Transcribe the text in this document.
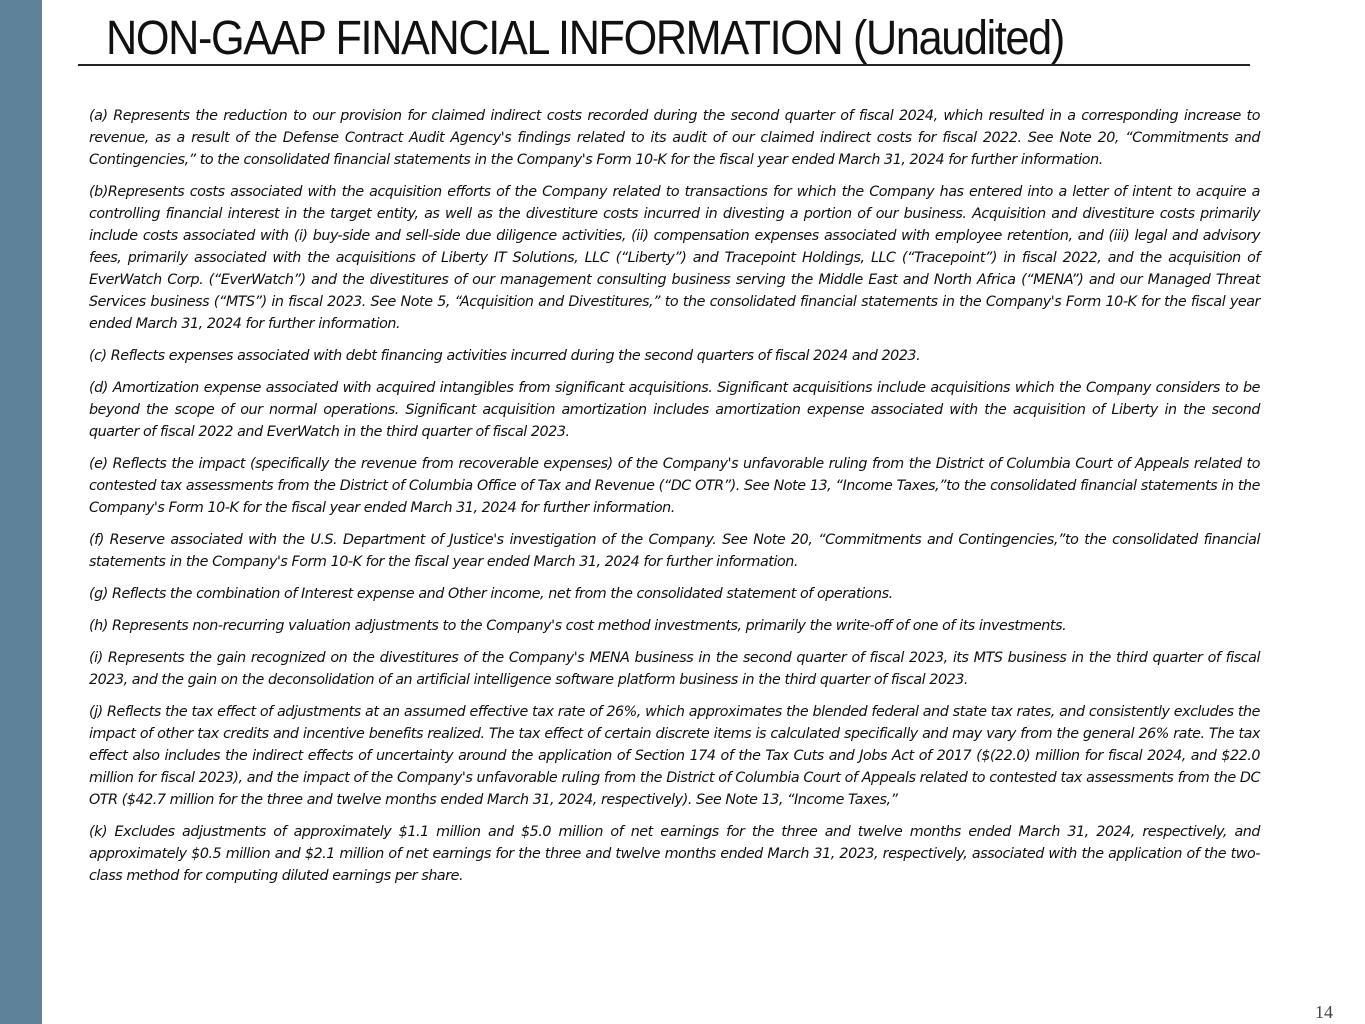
NON-GAAP FINANCIAL INFORMATION (Unaudited)

(a) Represents the reduction to our provision for claimed indirect costs recorded during the second quarter of fiscal 2024, which resulted in a corresponding increase to revenue, as a result of the Defense Contract Audit Agency's findings related to its audit of our claimed indirect costs for fiscal 2022. See Note 20, “Commitments and Contingencies,” to the consolidated financial statements in the Company's Form 10-K for the fiscal year ended March 31, 2024 for further information.

(b)Represents costs associated with the acquisition efforts of the Company related to transactions for which the Company has entered into a letter of intent to acquire a controlling financial interest in the target entity, as well as the divestiture costs incurred in divesting a portion of our business. Acquisition and divestiture costs primarily include costs associated with (i) buy-side and sell-side due diligence activities, (ii) compensation expenses associated with employee retention, and (iii) legal and advisory fees, primarily associated with the acquisitions of Liberty IT Solutions, LLC (“Liberty”) and Tracepoint Holdings, LLC (“Tracepoint”) in fiscal 2022, and the acquisition of EverWatch Corp. (“EverWatch”) and the divestitures of our management consulting business serving the Middle East and North Africa (“MENA”) and our Managed Threat Services business (“MTS”) in fiscal 2023. See Note 5, “Acquisition and Divestitures,” to the consolidated financial statements in the Company's Form 10-K for the fiscal year ended March 31, 2024 for further information.

(c) Reflects expenses associated with debt financing activities incurred during the second quarters of fiscal 2024 and 2023.

(d) Amortization expense associated with acquired intangibles from significant acquisitions. Significant acquisitions include acquisitions which the Company considers to be beyond the scope of our normal operations. Significant acquisition amortization includes amortization expense associated with the acquisition of Liberty in the second quarter of fiscal 2022 and EverWatch in the third quarter of fiscal 2023.

(e) Reflects the impact (specifically the revenue from recoverable expenses) of the Company's unfavorable ruling from the District of Columbia Court of Appeals related to contested tax assessments from the District of Columbia Office of Tax and Revenue (“DC OTR”). See Note 13, “Income Taxes,”to the consolidated financial statements in the Company's Form 10-K for the fiscal year ended March 31, 2024 for further information.

(f) Reserve associated with the U.S. Department of Justice's investigation of the Company. See Note 20, “Commitments and Contingencies,”to the consolidated financial statements in the Company's Form 10-K for the fiscal year ended March 31, 2024 for further information.

(g) Reflects the combination of Interest expense and Other income, net from the consolidated statement of operations.

(h) Represents non-recurring valuation adjustments to the Company's cost method investments, primarily the write-off of one of its investments.

(i) Represents the gain recognized on the divestitures of the Company's MENA business in the second quarter of fiscal 2023, its MTS business in the third quarter of fiscal 2023, and the gain on the deconsolidation of an artificial intelligence software platform business in the third quarter of fiscal 2023.

(j) Reflects the tax effect of adjustments at an assumed effective tax rate of 26%, which approximates the blended federal and state tax rates, and consistently excludes the impact of other tax credits and incentive benefits realized. The tax effect of certain discrete items is calculated specifically and may vary from the general 26% rate. The tax effect also includes the indirect effects of uncertainty around the application of Section 174 of the Tax Cuts and Jobs Act of 2017 ($(22.0) million for fiscal 2024, and $22.0 million for fiscal 2023), and the impact of the Company's unfavorable ruling from the District of Columbia Court of Appeals related to contested tax assessments from the DC OTR ($42.7 million for the three and twelve months ended March 31, 2024, respectively). See Note 13, “Income Taxes,”

(k) Excludes adjustments of approximately $1.1 million and $5.0 million of net earnings for the three and twelve months ended March 31, 2024, respectively, and approximately $0.5 million and $2.1 million of net earnings for the three and twelve months ended March 31, 2023, respectively, associated with the application of the two-class method for computing diluted earnings per share.

14
